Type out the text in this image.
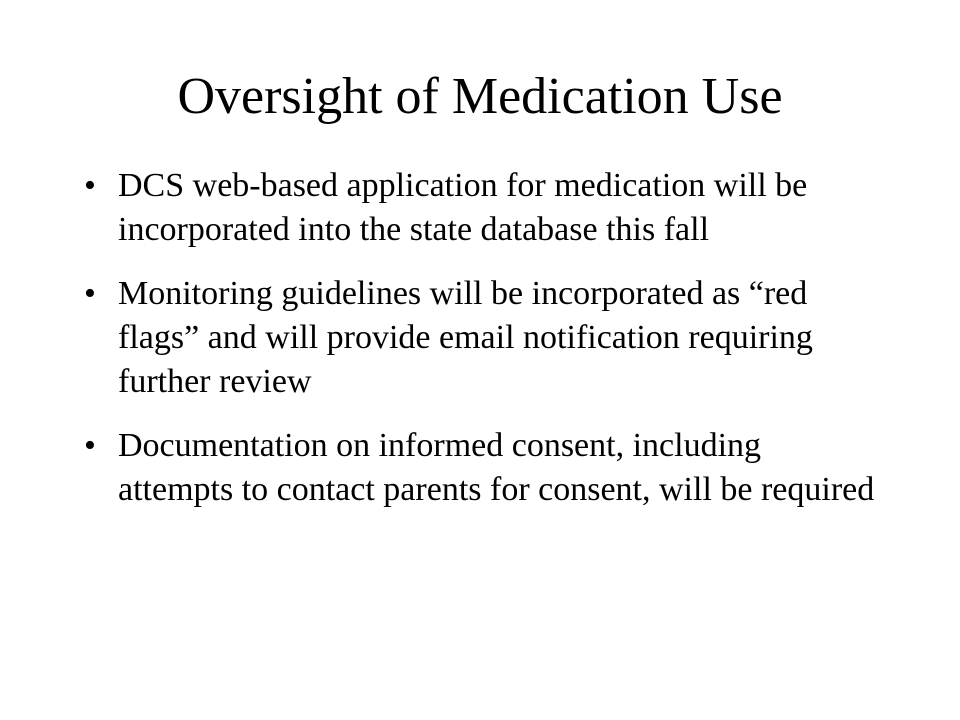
Oversight of Medication Use
• DCS web-based application for medication will be incorporated into the state database this fall
• Monitoring guidelines will be incorporated as “red flags” and will provide email notification requiring further review
• Documentation on informed consent, including attempts to contact parents for consent, will be required
